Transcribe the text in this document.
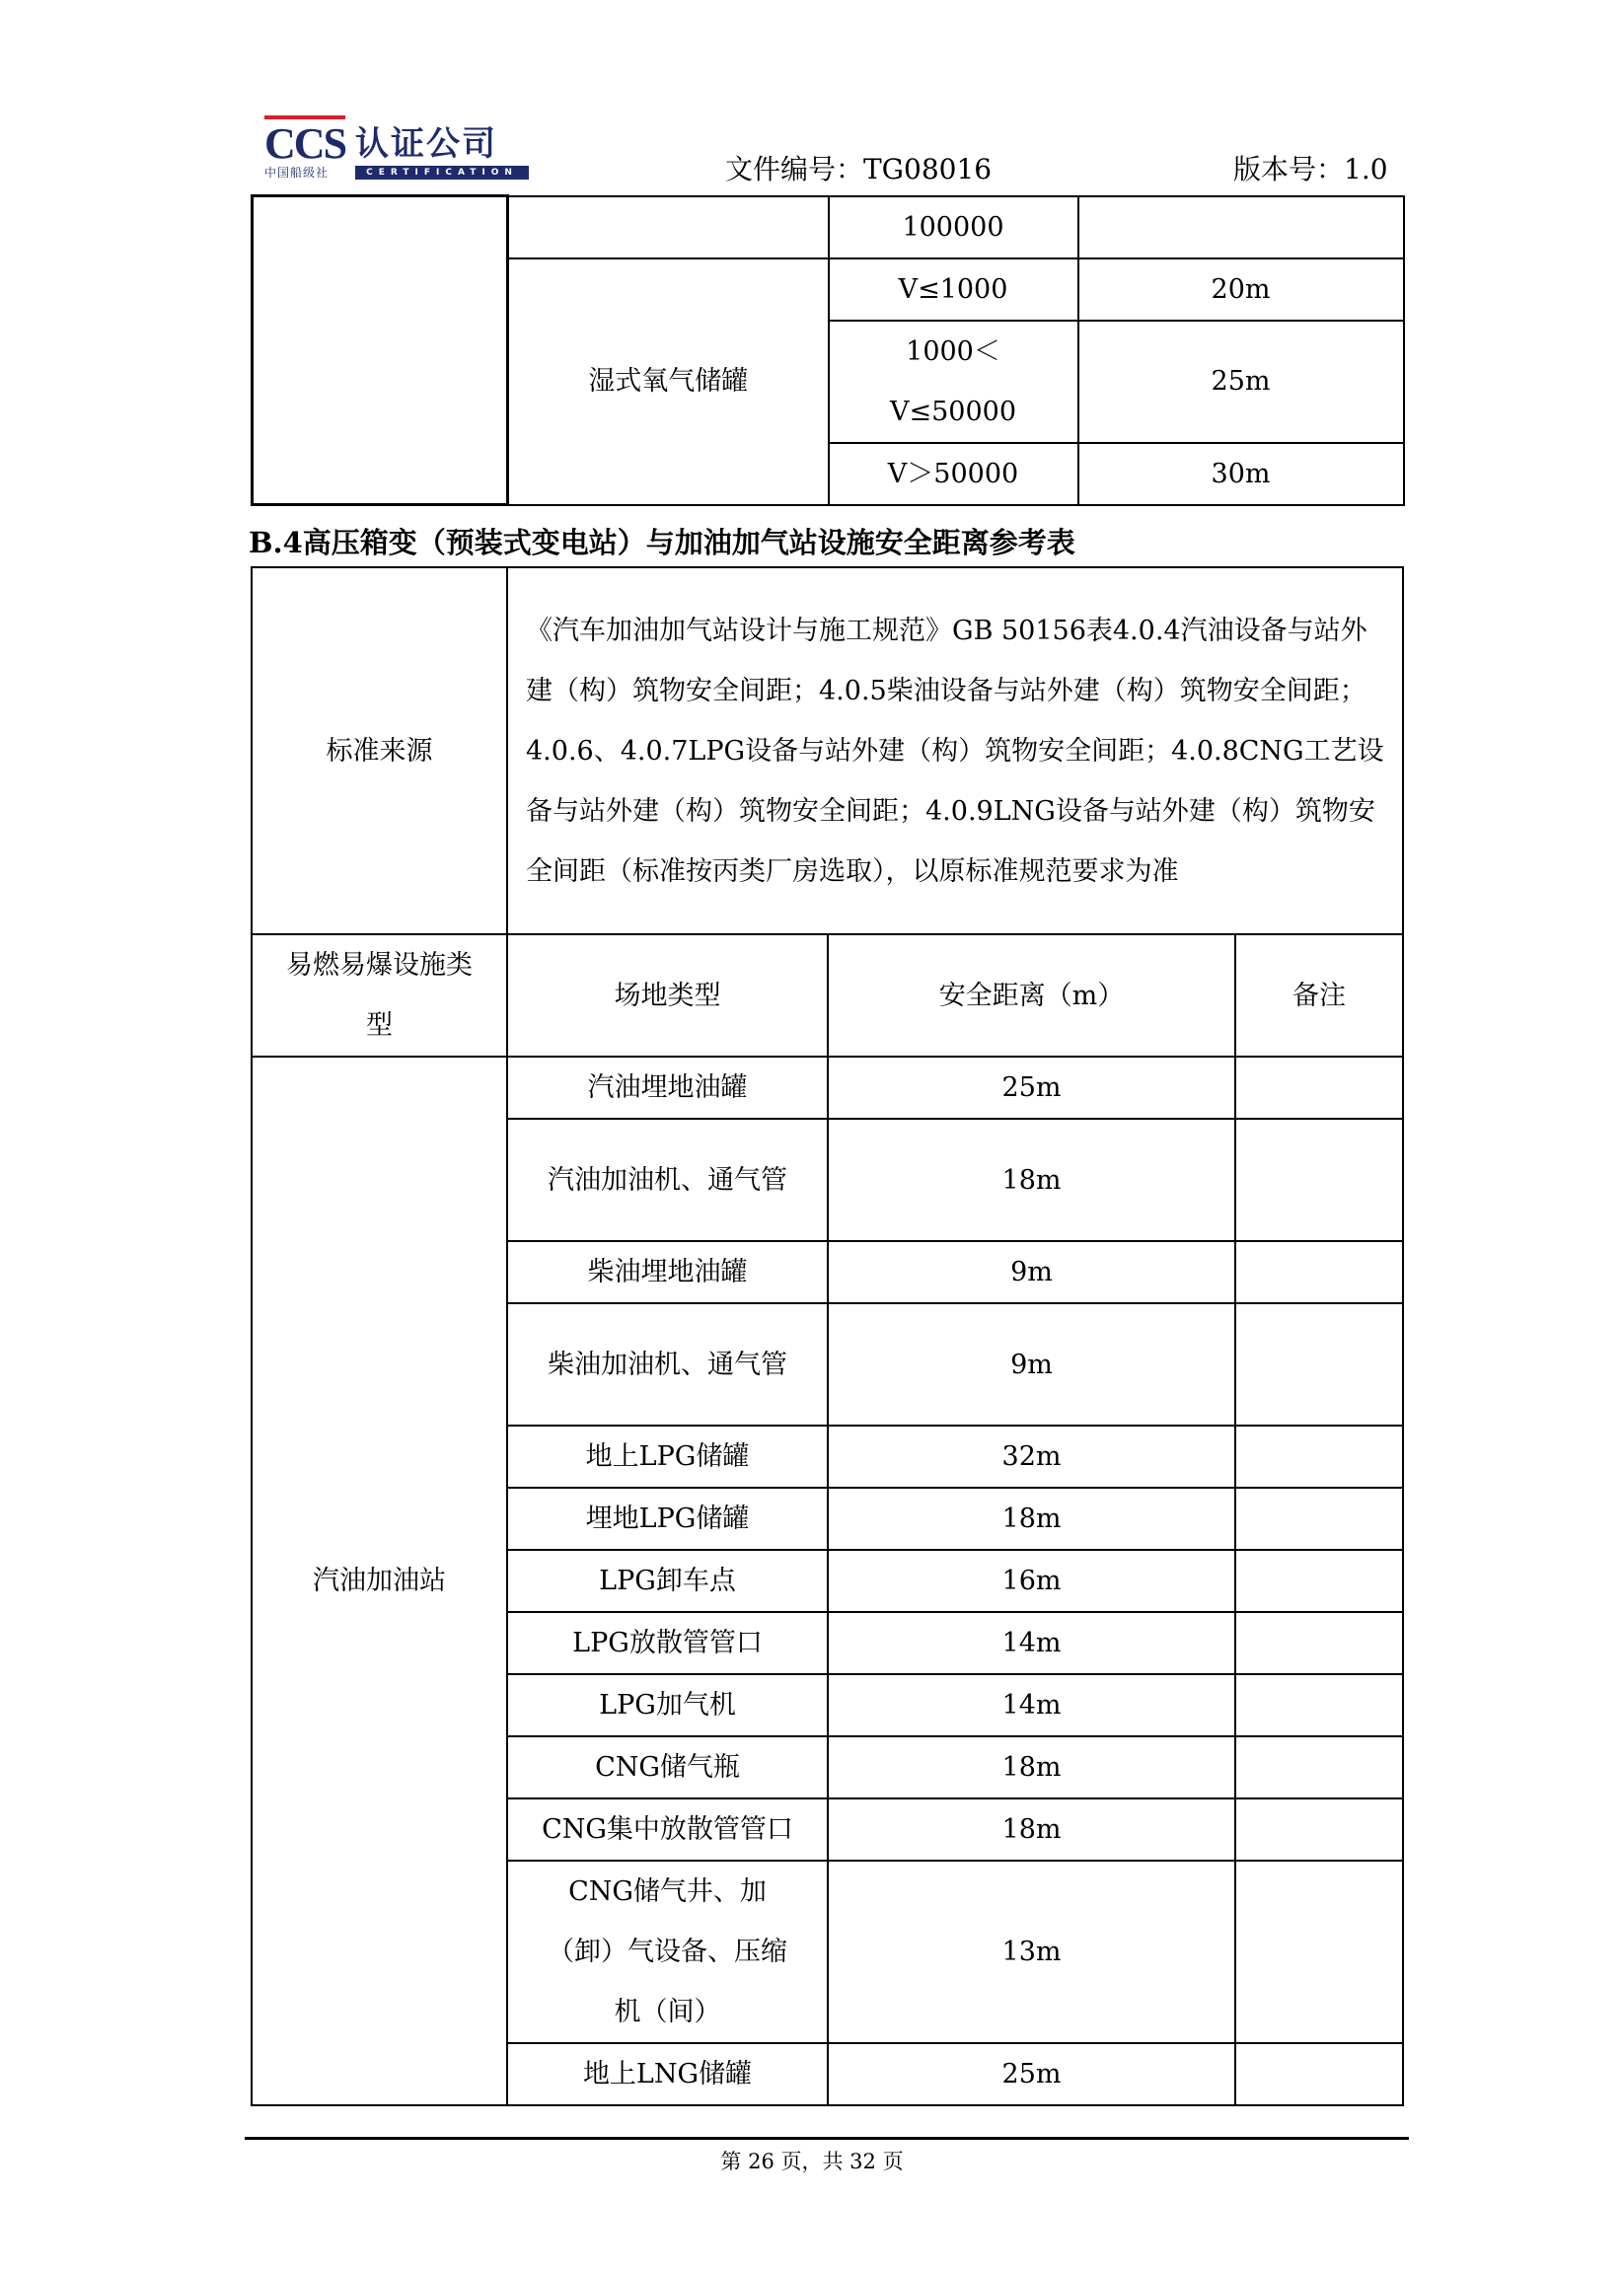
CCS 认证公司
中国船级社	CERTIFICATION	文件编号：TG08016	版本号：1.0
		100000	
	湿式氧气储罐	V≤1000	20m

		1000＜V≤50000	25m
		V＞50000	30m
B.4高压箱变（预装式变电站）与加油加气站设施安全距离参考表
标准来源	《汽车加油加气站设计与施工规范》GB 50156表4.0.4汽油设备与站外建（构）筑物安全间距；4.0.5柴油设备与站外建（构）筑物安全间距；4.0.6、4.0.7LPG设备与站外建（构）筑物安全间距；4.0.8CNG工艺设备与站外建（构）筑物安全间距；4.0.9LNG设备与站外建（构）筑物安全间距（标准按丙类厂房选取），以原标准规范要求为准		

易燃易爆设施类型	场地类型	安全距离（m）	备注
汽油加油站	汽油埋地油罐	25m	

	汽油加油机、通气管	18m	
	柴油埋地油罐	9m	

	柴油加油机、通气管	9m	
	地上LPG储罐	32m	
	埋地LPG储罐	18m	
	LPG卸车点	16m	
	LPG放散管管口	14m	
	LPG加气机	14m	
	CNG储气瓶	18m	
	CNG集中放散管管口	18m	

	CNG储气井、加（卸）气设备、压缩机（间）	13m	
	地上LNG储罐	25m	
第 26 页，共 32 页
